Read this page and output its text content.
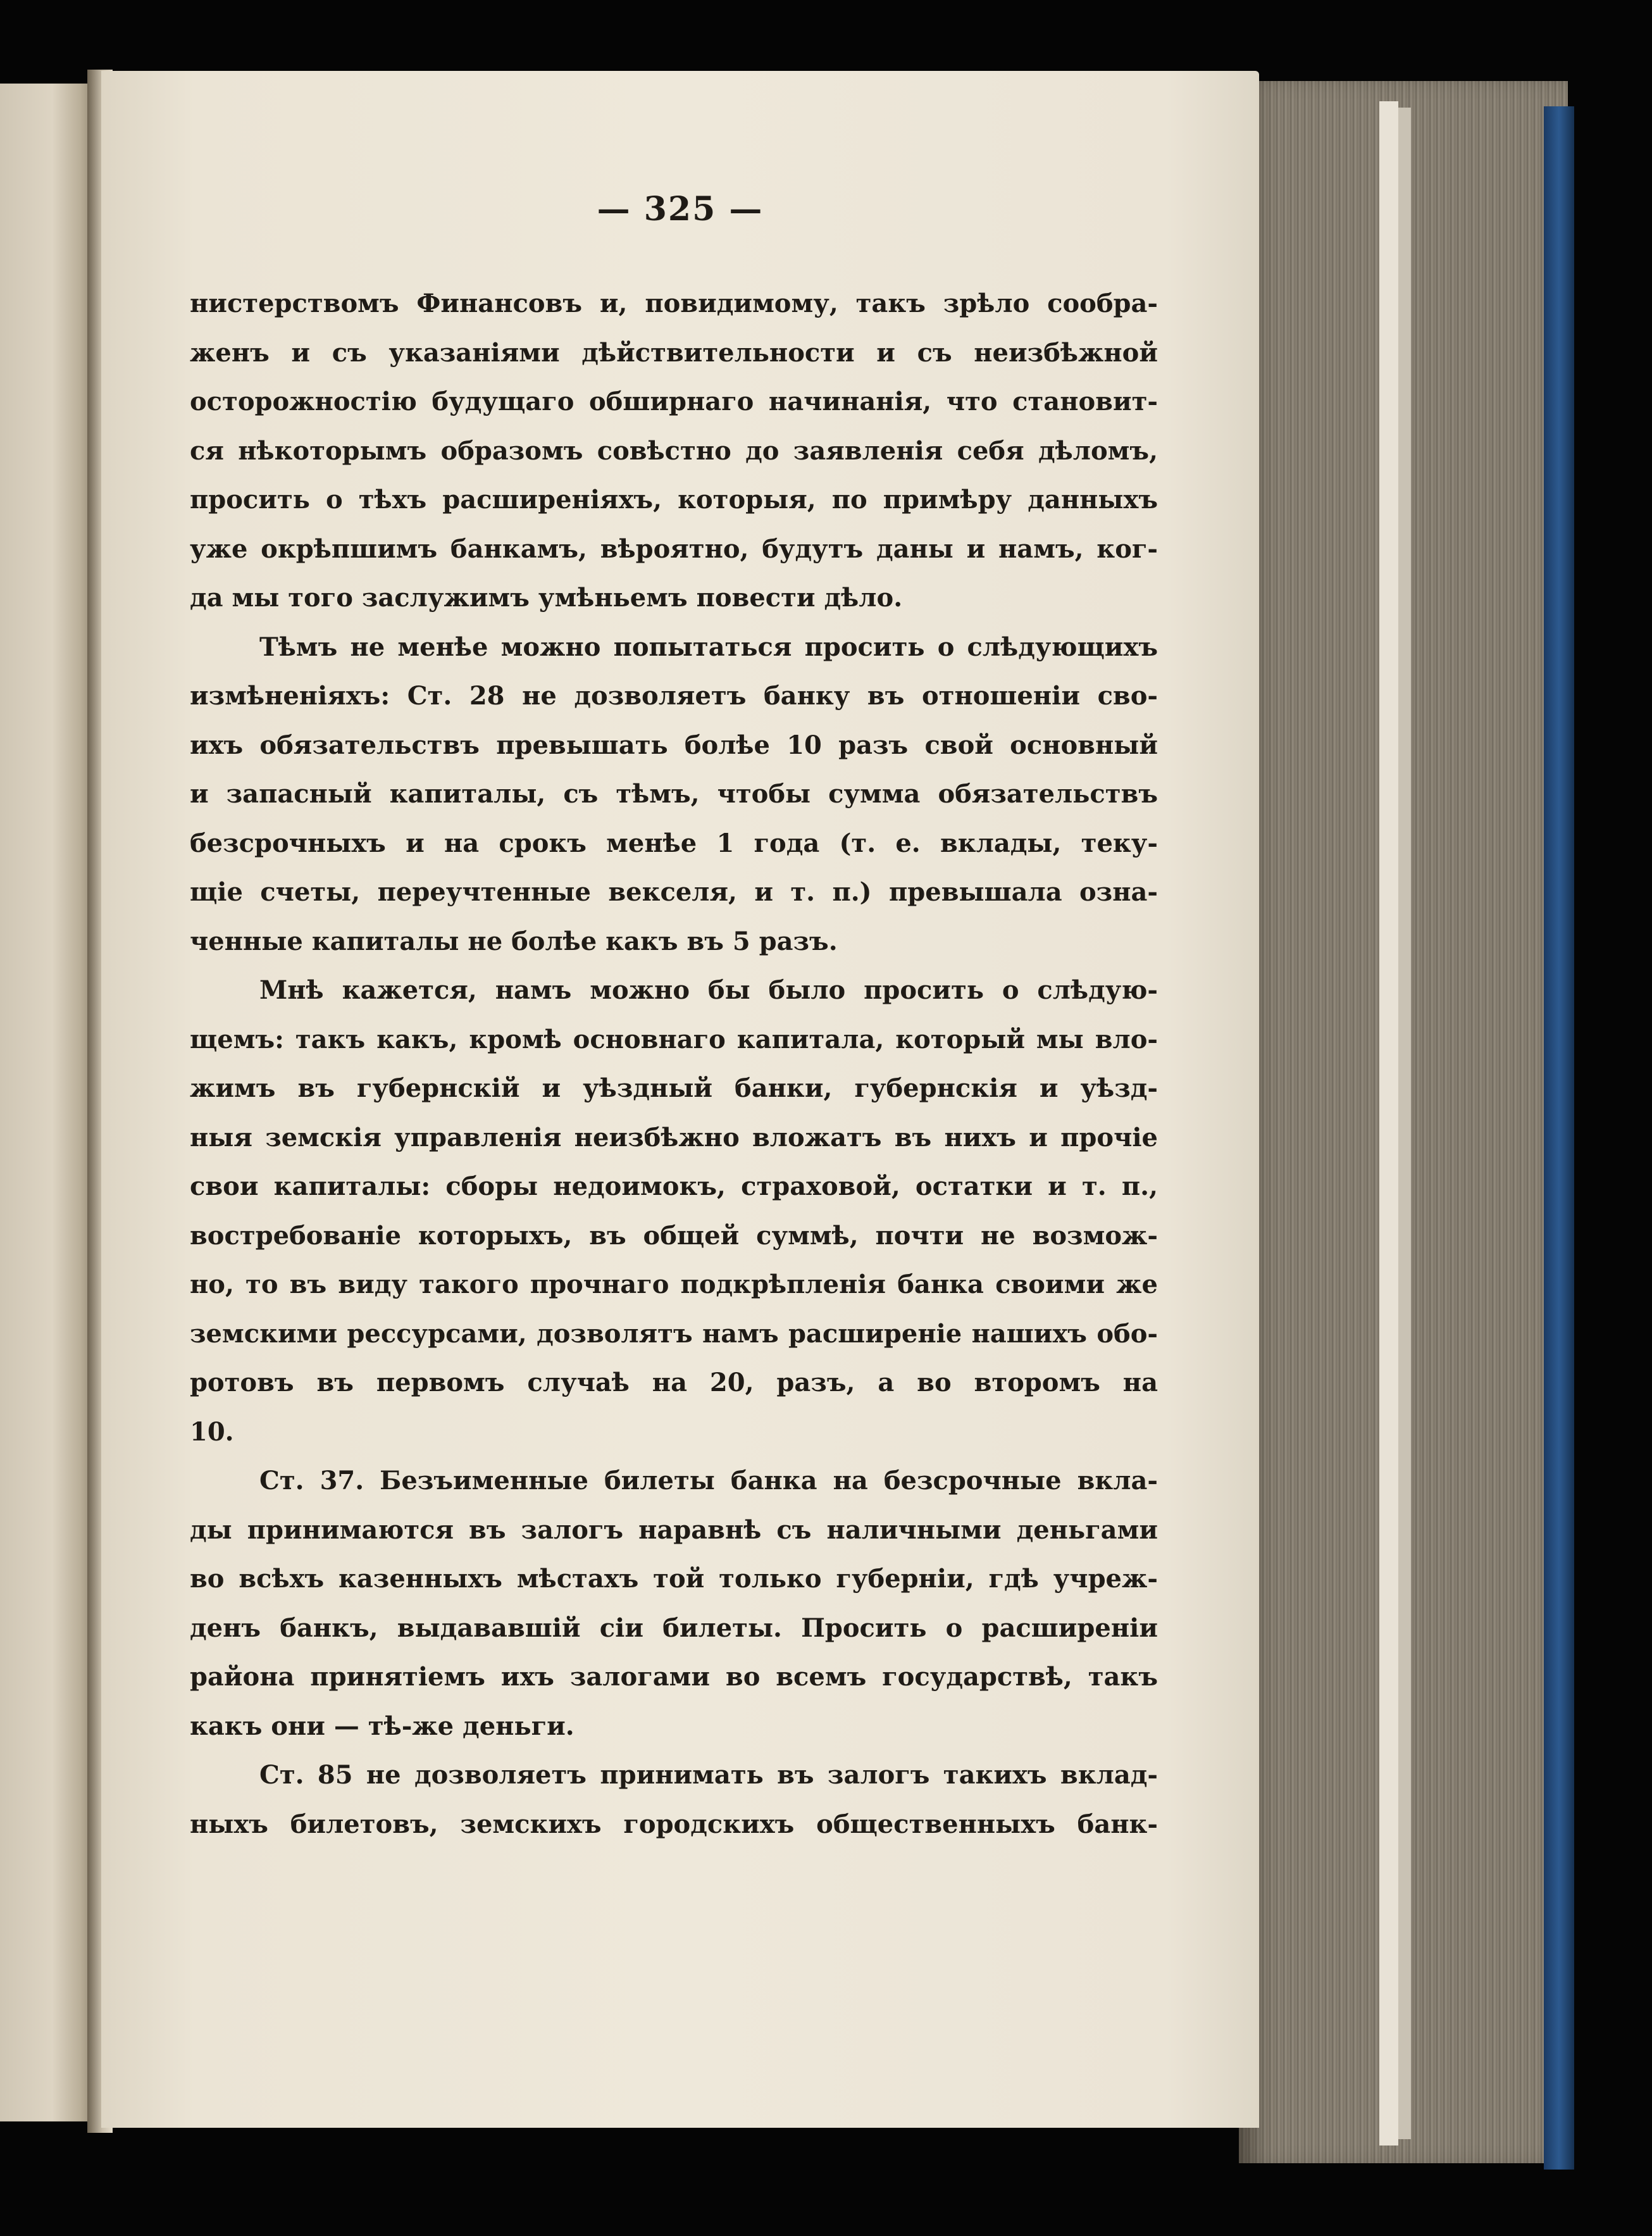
— 325 —
нистерствомъ Финансовъ и, повидимому, такъ зрѣло сообра-
женъ и съ указаніями дѣйствительности и съ неизбѣжной
осторожностію будущаго обширнаго начинанія, что становит-
ся нѣкоторымъ образомъ совѣстно до заявленія себя дѣломъ,
просить о тѣхъ расширеніяхъ, которыя, по примѣру данныхъ
уже окрѣпшимъ банкамъ, вѣроятно, будутъ даны и намъ, ког-
да мы того заслужимъ умѣньемъ повести дѣло.
Тѣмъ не менѣе можно попытаться просить о слѣдующихъ
измѣненіяхъ: Ст. 28 не дозволяетъ банку въ отношеніи сво-
ихъ обязательствъ превышать болѣе 10 разъ свой основный
и запасный капиталы, съ тѣмъ, чтобы сумма обязательствъ
безсрочныхъ и на срокъ менѣе 1 года (т. е. вклады, теку-
щіе счеты, переучтенные векселя, и т. п.) превышала озна-
ченные капиталы не болѣе какъ въ 5 разъ.
Мнѣ кажется, намъ можно бы было просить о слѣдую-
щемъ: такъ какъ, кромѣ основнаго капитала, который мы вло-
жимъ въ губернскій и уѣздный банки, губернскія и уѣзд-
ныя земскія управленія неизбѣжно вложатъ въ нихъ и прочіе
свои капиталы: сборы недоимокъ, страховой, остатки и т. п.,
востребованіе которыхъ, въ общей суммѣ, почти не возмож-
но, то въ виду такого прочнаго подкрѣпленія банка своими же
земскими рессурсами, дозволятъ намъ расширеніе нашихъ обо-
ротовъ въ первомъ случаѣ на 20, разъ, а во второмъ на
10.
Ст. 37. Безъименные билеты банка на безсрочные вкла-
ды принимаются въ залогъ наравнѣ съ наличными деньгами
во всѣхъ казенныхъ мѣстахъ той только губерніи, гдѣ учреж-
денъ банкъ, выдававшій сіи билеты. Просить о расширеніи
района принятіемъ ихъ залогами во всемъ государствѣ, такъ
какъ они — тѣ-же деньги.
Ст. 85 не дозволяетъ принимать въ залогъ такихъ вклад-
ныхъ билетовъ, земскихъ городскихъ общественныхъ банк-
